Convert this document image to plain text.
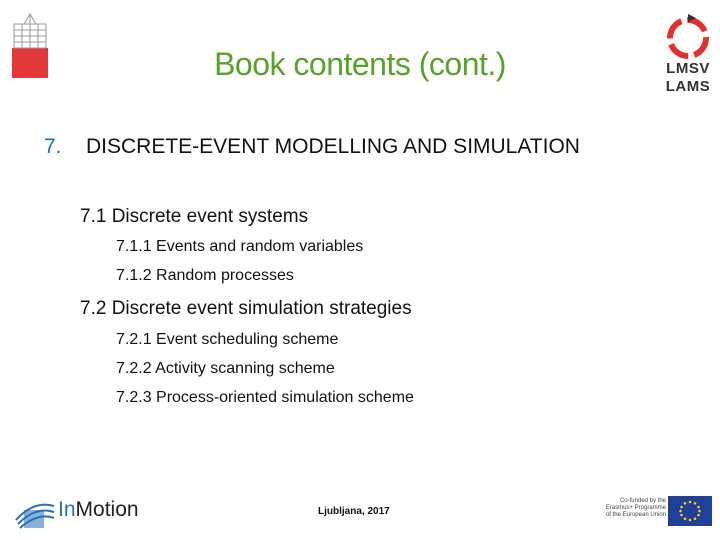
LMSV
LAMS
Book contents (cont.)
7. DISCRETE-EVENT MODELLING AND SIMULATION
7.1 Discrete event systems
7.1.1 Events and random variables
7.1.2 Random processes
7.2 Discrete event simulation strategies
7.2.1 Event scheduling scheme
7.2.2 Activity scanning scheme
7.2.3 Process-oriented simulation scheme
InMotion	Ljubljana, 2017
Co-funded by the
Erasmus+ Programme
of the European Union
